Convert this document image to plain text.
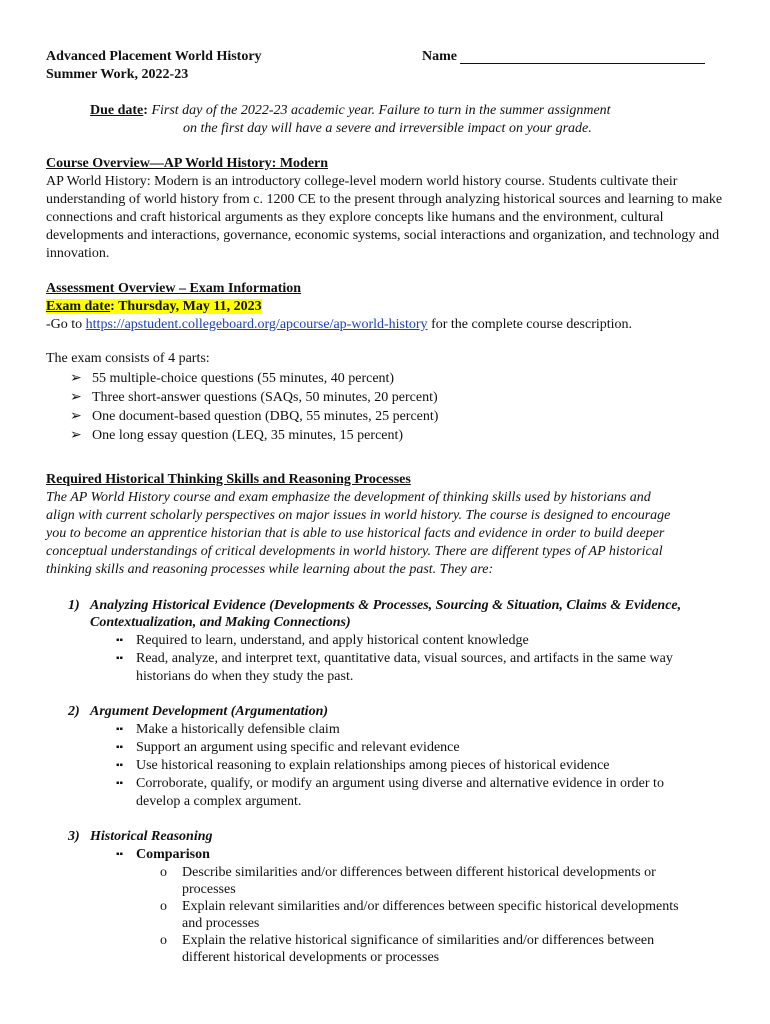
Advanced Placement World History
Summer Work, 2022-23
Name
Due date: First day of the 2022-23 academic year. Failure to turn in the summer assignment
on the first day will have a severe and irreversible impact on your grade.
Course Overview—AP World History: Modern
AP World History: Modern is an introductory college-level modern world history course. Students cultivate their understanding of world history from c. 1200 CE to the present through analyzing historical sources and learning to make connections and craft historical arguments as they explore concepts like humans and the environment, cultural developments and interactions, governance, economic systems, social interactions and organization, and technology and innovation.
Assessment Overview – Exam Information
Exam date: Thursday, May 11, 2023
-Go to https://apstudent.collegeboard.org/apcourse/ap-world-history for the complete course description.
The exam consists of 4 parts:
➢ 55 multiple-choice questions (55 minutes, 40 percent)
➢ Three short-answer questions (SAQs, 50 minutes, 20 percent)
➢ One document-based question (DBQ, 55 minutes, 25 percent)
➢ One long essay question (LEQ, 35 minutes, 15 percent)
Required Historical Thinking Skills and Reasoning Processes
The AP World History course and exam emphasize the development of thinking skills used by historians and align with current scholarly perspectives on major issues in world history. The course is designed to encourage you to become an apprentice historian that is able to use historical facts and evidence in order to build deeper conceptual understandings of critical developments in world history. There are different types of AP historical thinking skills and reasoning processes while learning about the past. They are:
1) Analyzing Historical Evidence (Developments & Processes, Sourcing & Situation, Claims & Evidence, Contextualization, and Making Connections)
▪▪ Required to learn, understand, and apply historical content knowledge
▪▪ Read, analyze, and interpret text, quantitative data, visual sources, and artifacts in the same way historians do when they study the past.
2) Argument Development (Argumentation)
▪▪ Make a historically defensible claim
▪▪ Support an argument using specific and relevant evidence
▪▪ Use historical reasoning to explain relationships among pieces of historical evidence
▪▪ Corroborate, qualify, or modify an argument using diverse and alternative evidence in order to develop a complex argument.
3) Historical Reasoning
▪▪ Comparison
o	Describe similarities and/or differences between different historical developments or processes
o	Explain relevant similarities and/or differences between specific historical developments and processes
o	Explain the relative historical significance of similarities and/or differences between different historical developments or processes
